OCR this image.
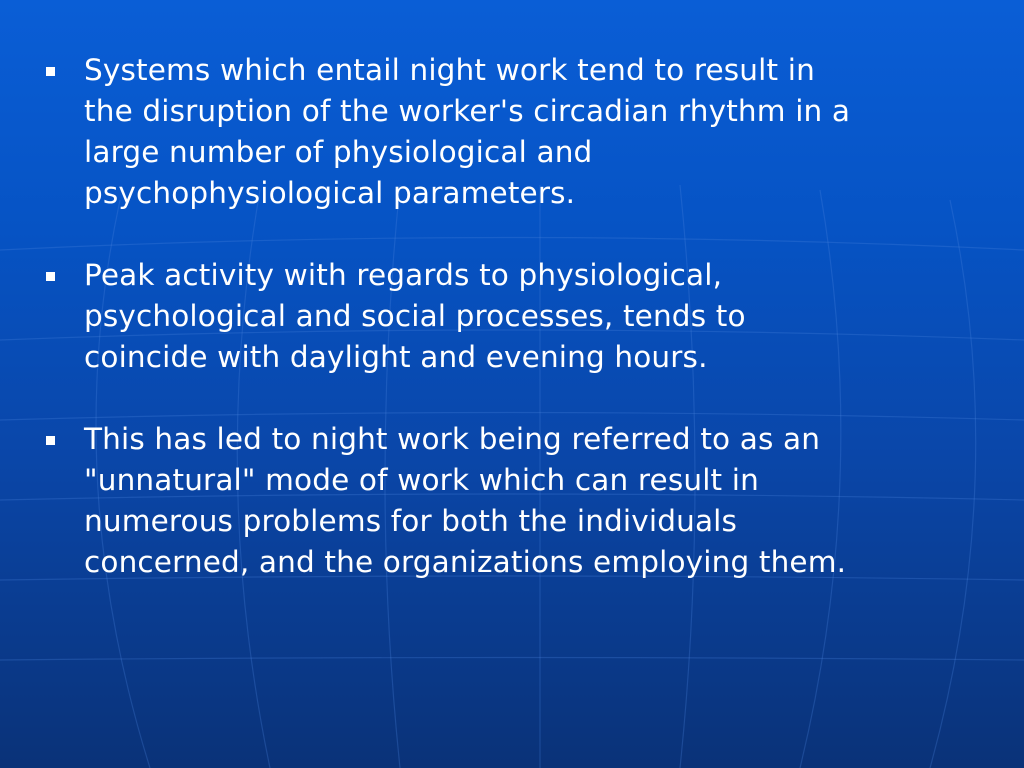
Systems which entail night work tend to result in
the disruption of the worker's circadian rhythm in a
large number of physiological and
psychophysiological parameters.
Peak activity with regards to physiological,
psychological and social processes, tends to
coincide with daylight and evening hours.
This has led to night work being referred to as an
"unnatural" mode of work which can result in
numerous problems for both the individuals
concerned, and the organizations employing them.
